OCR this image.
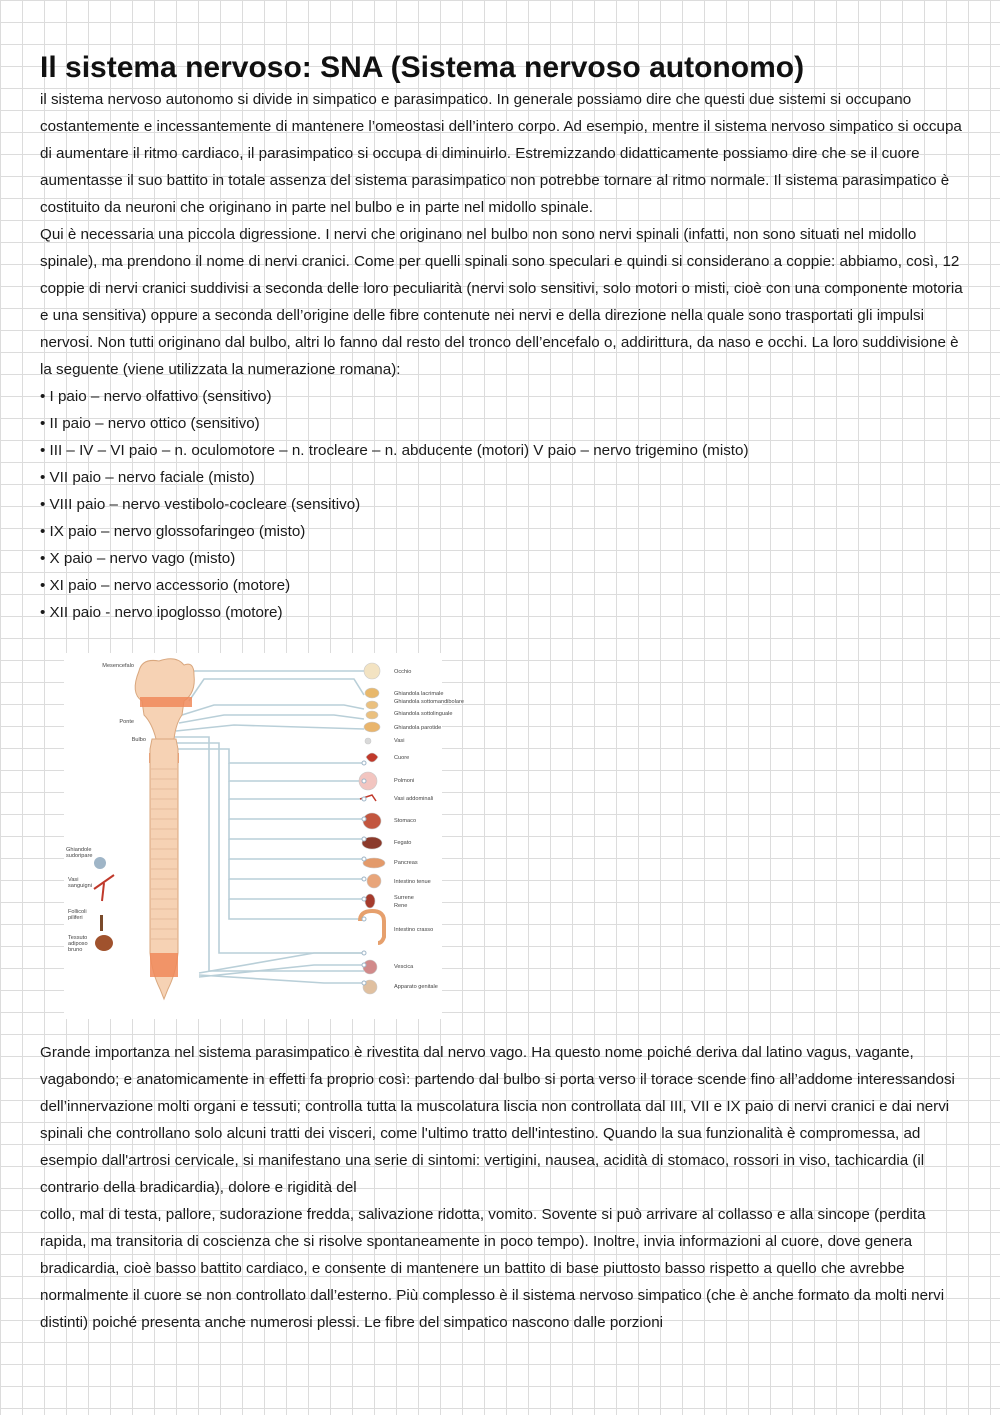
Il sistema nervoso: SNA (Sistema nervoso autonomo)

il sistema nervoso autonomo si divide in simpatico e parasimpatico. In generale possiamo dire che questi due sistemi si occupano costantemente e incessantemente di mantenere l’omeostasi dell’intero corpo. Ad esempio, mentre il sistema nervoso simpatico si occupa di aumentare il ritmo cardiaco, il parasimpatico si occupa di diminuirlo. Estremizzando didatticamente possiamo dire che se il cuore aumentasse il suo battito in totale assenza del sistema parasimpatico non potrebbe tornare al ritmo normale. Il sistema parasimpatico è costituito da neuroni che originano in parte nel bulbo e in parte nel midollo spinale.

Qui è necessaria una piccola digressione. I nervi che originano nel bulbo non sono nervi spinali (infatti, non sono situati nel midollo spinale), ma prendono il nome di nervi cranici. Come per quelli spinali sono speculari e quindi si considerano a coppie: abbiamo, così, 12 coppie di nervi cranici suddivisi a seconda delle loro peculiarità (nervi solo sensitivi, solo motori o misti, cioè con una componente motoria e una sensitiva) oppure a seconda dell’origine delle fibre contenute nei nervi e della direzione nella quale sono trasportati gli impulsi nervosi. Non tutti originano dal bulbo, altri lo fanno dal resto del tronco dell’encefalo o, addirittura, da naso e occhi. La loro suddivisione è la seguente (viene utilizzata la numerazione romana):

• I paio – nervo olfattivo (sensitivo)
• II paio – nervo ottico (sensitivo)
• III – IV – VI paio – n. oculomotore – n. trocleare – n. abducente (motori) V paio – nervo trigemino (misto)
• VII paio – nervo faciale (misto)
• VIII paio – nervo vestibolo-cocleare (sensitivo)
• IX paio – nervo glossofaringeo (misto)
• X paio – nervo vago (misto)
• XI paio – nervo accessorio (motore)
• XII paio - nervo ipoglosso (motore)
Mesencefalo
Ponte
Bulbo
Ghiandole sudoripare
Vasi sanguigni
Follicoli piliferi
Tessuto adiposo bruno
Occhio
Ghiandola lacrimale
Ghiandola sottomandibolare
Ghiandola sottolinguale
Ghiandola parotide
Vasi
Cuore
Polmoni
Vasi addominali
Stomaco
Fegato
Pancreas
Intestino tenue
Surrene
Rene
Intestino crasso
Vescica
Apparato genitale

Grande importanza nel sistema parasimpatico è rivestita dal nervo vago. Ha questo nome poiché deriva dal latino vagus, vagante, vagabondo; e anatomicamente in effetti fa proprio così: partendo dal bulbo si porta verso il torace scende fino all’addome interessandosi dell’innervazione molti organi e tessuti; controlla tutta la muscolatura liscia non controllata dal III, VII e IX paio di nervi cranici e dai nervi spinali che controllano solo alcuni tratti dei visceri, come l'ultimo tratto dell'intestino. Quando la sua funzionalità è compromessa, ad esempio dall'artrosi cervicale, si manifestano una serie di sintomi: vertigini, nausea, acidità di stomaco, rossori in viso, tachicardia (il contrario della bradicardia), dolore e rigidità del

collo, mal di testa, pallore, sudorazione fredda, salivazione ridotta, vomito. Sovente si può arrivare al collasso e alla sincope (perdita rapida, ma transitoria di coscienza che si risolve spontaneamente in poco tempo). Inoltre, invia informazioni al cuore, dove genera bradicardia, cioè basso battito cardiaco, e consente di mantenere un battito di base piuttosto basso rispetto a quello che avrebbe normalmente il cuore se non controllato dall’esterno. Più complesso è il sistema nervoso simpatico (che è anche formato da molti nervi distinti) poiché presenta anche numerosi plessi. Le fibre del simpatico nascono dalle porzioni
